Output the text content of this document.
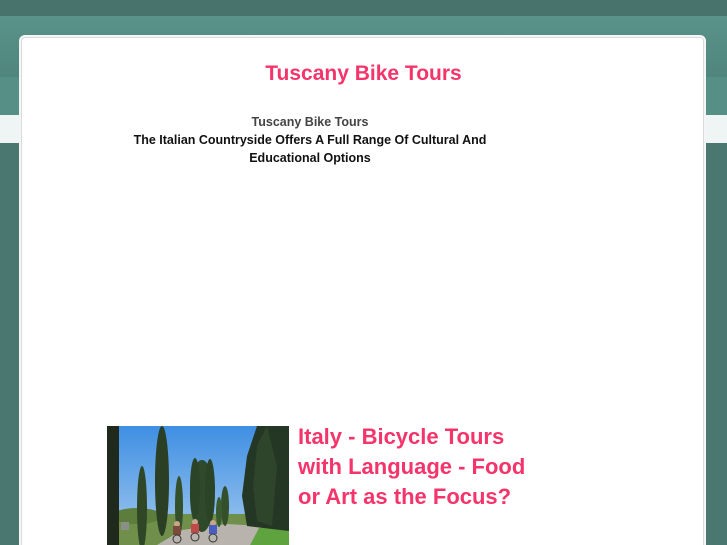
Tuscany Bike Tours
Tuscany Bike Tours
The Italian Countryside Offers A Full Range Of Cultural And Educational Options
Italy - Bicycle Tours with Language - Food or Art as the Focus?
